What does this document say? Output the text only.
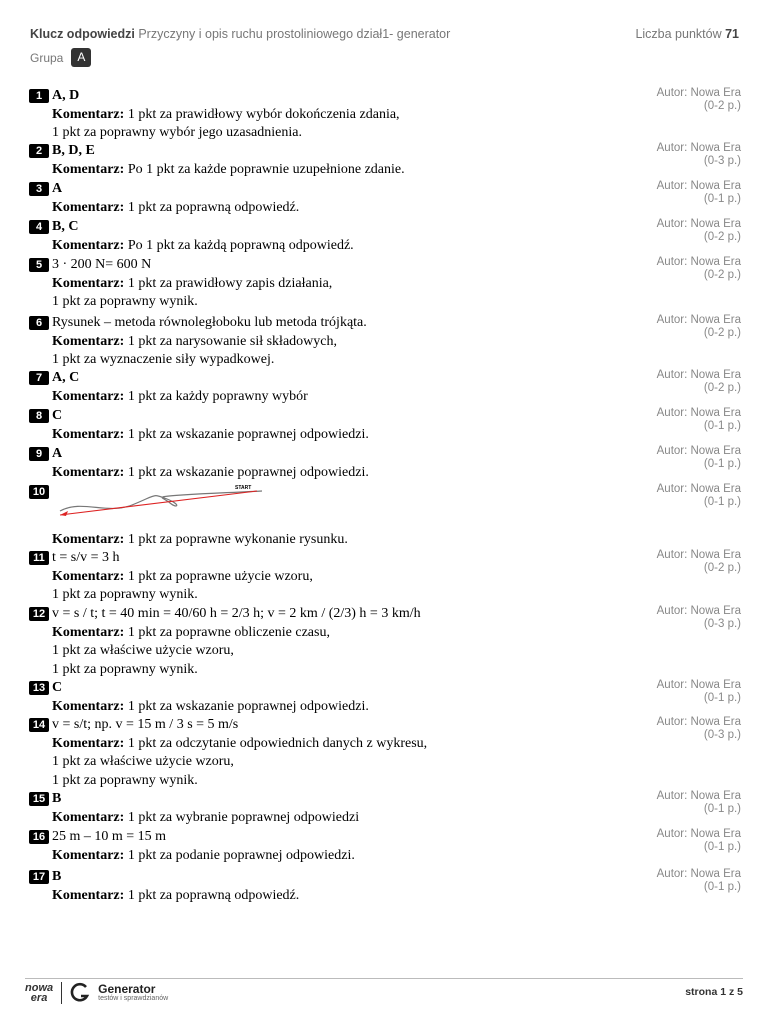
Klucz odpowiedzi Przyczyny i opis ruchu prostoliniowego dział1- generator	Liczba punktów 71
Grupa	A
1 A, D
Komentarz: 1 pkt za prawidłowy wybór dokończenia zdania,
1 pkt za poprawny wybór jego uzasadnienia.
Autor: Nowa Era
(0-2 p.)
2 B, D, E
Komentarz: Po 1 pkt za każde poprawnie uzupełnione zdanie.
Autor: Nowa Era
(0-3 p.)
3 A
Komentarz: 1 pkt za poprawną odpowiedź.
Autor: Nowa Era
(0-1 p.)
4 B, C
Komentarz: Po 1 pkt za każdą poprawną odpowiedź.
Autor: Nowa Era
(0-2 p.)
5 3 · 200 N= 600 N
Komentarz: 1 pkt za prawidłowy zapis działania,
1 pkt za poprawny wynik.
Autor: Nowa Era
(0-2 p.)
6 Rysunek – metoda równoległoboku lub metoda trójkąta.
Komentarz: 1 pkt za narysowanie sił składowych,
1 pkt za wyznaczenie siły wypadkowej.
Autor: Nowa Era
(0-2 p.)
7 A, C
Komentarz: 1 pkt za każdy poprawny wybór
Autor: Nowa Era
(0-2 p.)
8 C
Komentarz: 1 pkt za wskazanie poprawnej odpowiedzi.
Autor: Nowa Era
(0-1 p.)
9 A
Komentarz: 1 pkt za wskazanie poprawnej odpowiedzi.
Autor: Nowa Era
(0-1 p.)
10	START
Komentarz: 1 pkt za poprawne wykonanie rysunku.
Autor: Nowa Era
(0-1 p.)
11 t = s/v = 3 h
Komentarz: 1 pkt za poprawne użycie wzoru,
1 pkt za poprawny wynik.
Autor: Nowa Era
(0-2 p.)
12 v = s / t; t = 40 min = 40/60 h = 2/3 h; v = 2 km / (2/3) h = 3 km/h
Komentarz: 1 pkt za poprawne obliczenie czasu,
1 pkt za właściwe użycie wzoru,
1 pkt za poprawny wynik.
Autor: Nowa Era
(0-3 p.)
13 C
Komentarz: 1 pkt za wskazanie poprawnej odpowiedzi.
Autor: Nowa Era
(0-1 p.)
14 v = s/t; np. v = 15 m / 3 s = 5 m/s
Komentarz: 1 pkt za odczytanie odpowiednich danych z wykresu,
1 pkt za właściwe użycie wzoru,
1 pkt za poprawny wynik.
Autor: Nowa Era
(0-3 p.)
15 B
Komentarz: 1 pkt za wybranie poprawnej odpowiedzi
Autor: Nowa Era
(0-1 p.)
16 25 m – 10 m = 15 m
Komentarz: 1 pkt za podanie poprawnej odpowiedzi.
Autor: Nowa Era
(0-1 p.)
17 B
Komentarz: 1 pkt za poprawną odpowiedź.
Autor: Nowa Era
(0-1 p.)
nowa
era
Generator
testów i sprawdzianów
strona 1 z 5
